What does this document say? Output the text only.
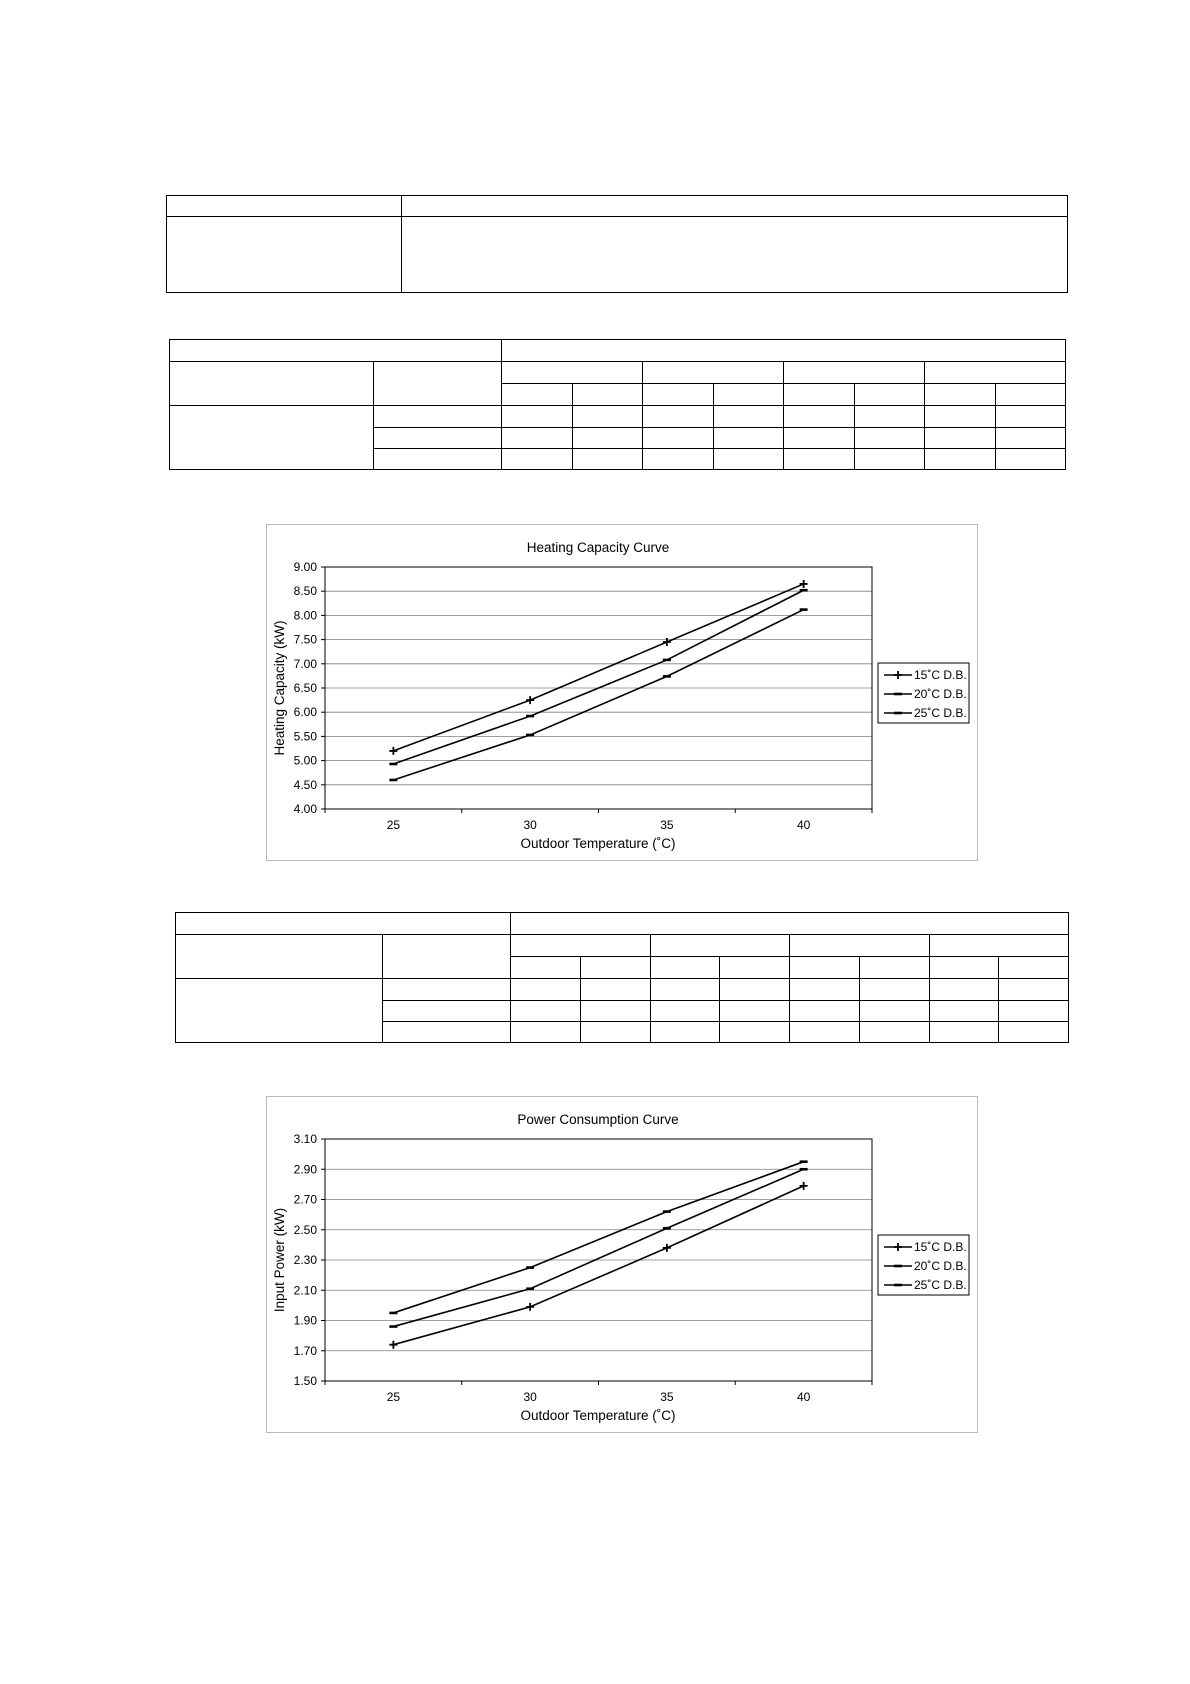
Heating Capacity Curve
4.00
4.50
5.00
5.50
6.00
6.50
7.00
7.50
8.00
8.50
9.00
25	30	35	40
Outdoor Temperature (˚C)
Heating Capacity (kW)	15˚C D.B.
20˚C D.B.
25˚C D.B.

Power Consumption Curve
1.50
1.70
1.90
2.10
2.30
2.50
2.70
2.90
3.10
25	30	35	40
Outdoor Temperature (˚C)
Input Power (kW)	15˚C D.B.
20˚C D.B.
25˚C D.B.
